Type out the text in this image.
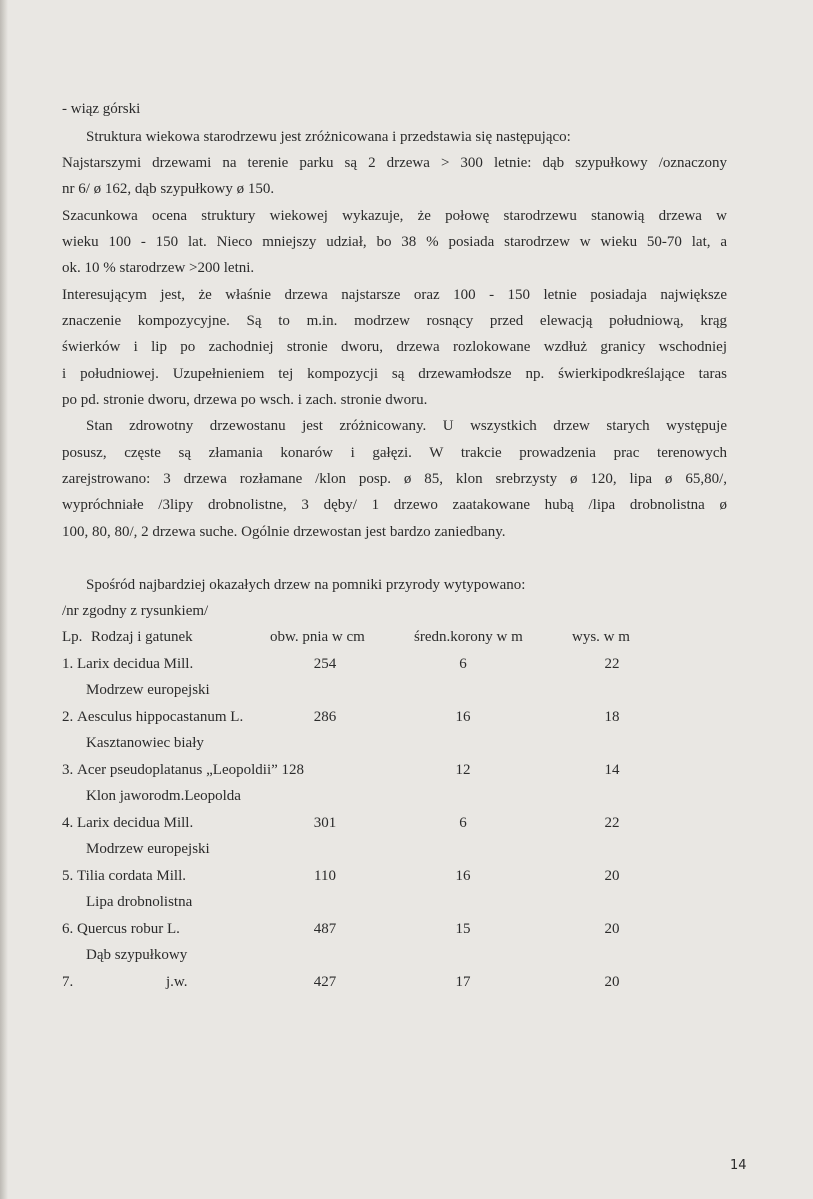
- wiąz górski
Struktura wiekowa starodrzewu jest zróżnicowana i przedstawia się następująco:
Najstarszymi drzewami na terenie parku są 2 drzewa > 300 letnie: dąb szypułkowy /oznaczony
nr 6/ ø 162, dąb szypułkowy ø 150.
Szacunkowa ocena struktury wiekowej wykazuje, że połowę starodrzewu stanowią drzewa w
wieku 100 - 150 lat. Nieco mniejszy udział, bo 38 % posiada starodrzew w wieku 50-70 lat, a
ok. 10 % starodrzew >200 letni.
Interesującym jest, że właśnie drzewa najstarsze oraz 100 - 150 letnie posiadaja największe
znaczenie kompozycyjne. Są to m.in. modrzew rosnący przed elewacją południową, krąg
świerków i lip po zachodniej stronie dworu, drzewa rozlokowane wzdłuż granicy wschodniej
i południowej. Uzupełnieniem tej kompozycji są drzewamłodsze np. świerkipodkreślające taras
po pd. stronie dworu, drzewa po wsch. i zach. stronie dworu.
Stan zdrowotny drzewostanu jest zróżnicowany. U wszystkich drzew starych występuje
posusz, częste są złamania konarów i gałęzi. W trakcie prowadzenia prac terenowych
zarejstrowano: 3 drzewa rozłamane /klon posp. ø 85, klon srebrzysty ø 120, lipa ø 65,80/,
wypróchniałe /3lipy drobnolistne, 3 dęby/ 1 drzewo zaatakowane hubą /lipa drobnolistna ø
100, 80, 80/, 2 drzewa suche. Ogólnie drzewostan jest bardzo zaniedbany.
Spośród najbardziej okazałych drzew na pomniki przyrody wytypowano:
/nr zgodny z rysunkiem/
Lp. Rodzaj i gatunek	obw. pnia w cm	średn.korony w m	wys. w m
1. Larix decidua Mill.	254	6	22
Modrzew europejski
2. Aesculus hippocastanum L.	286	16	18
Kasztanowiec biały
3. Acer pseudoplatanus „Leopoldii” 128	12	14
Klon jaworodm.Leopolda
4. Larix decidua Mill.	301	6	22
Modrzew europejski
5. Tilia cordata Mill.	110	16	20
Lipa drobnolistna
6. Quercus robur L.	487	15	20
Dąb szypułkowy
7.	j.w.	427	17	20
14
